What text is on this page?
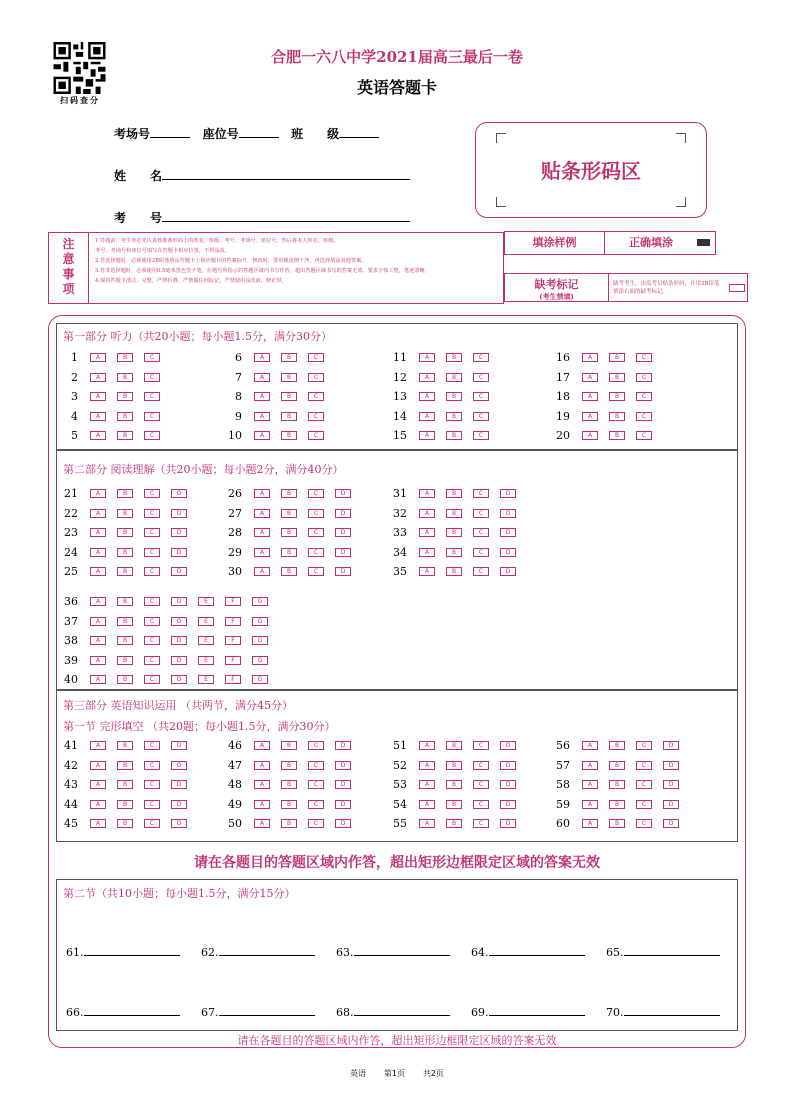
扫码查分
合肥一六八中学2021届高三最后一卷
英语答题卡
考场号	座位号	班　　级
姓　　名
考　　号
贴条形码区
注
意
事
项
1.答题前，考生务必先认真核准条形码上的姓名、班级、考号、考场号、座位号，然后将本人姓名、班级、
考号、考场号和座位号填写在答题卡相应位置，不得涂改。
2.答选择题时，必须使用2B铅笔填涂答题卡上相应题目的答案标号，修改时，要用橡皮擦干净，再选择填涂其他答案。
3.答非选择题时，必须使用0.5毫米黑色签字笔，在题号所指示的答题区域内书写作答，超出答题区域书写的答案无效，要求字体工整，笔迹清晰。
4.保持答题卡清洁、完整，严禁折叠，严禁做任何标记，严禁使用涂改液、修正带。
填涂样例	正确填涂
缺考标记
(考生禁填)
缺考考生，由监考员贴条形码，并用2B铅笔填涂右面的缺考标记。
第一部分 听力（共20小题；每小题1.5分，满分30分）
第二部分 阅读理解（共20小题；每小题2分，满分40分）
第三部分 英语知识运用 （共两节，满分45分）
第一节 完形填空 （共20题；每小题1.5分，满分30分）
1	A	B	C
2	A	B	C
3	A	B	C
4	A	B	C
5	A	B	C
6	A	B	C
7	A	B	C
8	A	B	C
9	A	B	C
10	A	B	C
11	A	B	C
12	A	B	C
13	A	B	C
14	A	B	C
15	A	B	C
16	A	B	C
17	A	B	C
18	A	B	C
19	A	B	C
20	A	B	C
21	A	B	C	D
22	A	B	C	D
23	A	B	C	D
24	A	B	C	D
25	A	B	C	D
26	A	B	C	D
27	A	B	C	D
28	A	B	C	D
29	A	B	C	D
30	A	B	C	D
31	A	B	C	D
32	A	B	C	D
33	A	B	C	D
34	A	B	C	D
35	A	B	C	D
36	A	B	C	D	E	F	G
37	A	B	C	D	E	F	G
38	A	B	C	D	E	F	G
39	A	B	C	D	E	F	G
40	A	B	C	D	E	F	G
41	A	B	C	D
42	A	B	C	D
43	A	B	C	D
44	A	B	C	D
45	A	B	C	D
46	A	B	C	D
47	A	B	C	D
48	A	B	C	D
49	A	B	C	D
50	A	B	C	D
51	A	B	C	D
52	A	B	C	D
53	A	B	C	D
54	A	B	C	D
55	A	B	C	D
56	A	B	C	D
57	A	B	C	D
58	A	B	C	D
59	A	B	C	D
60	A	B	C	D
请在各题目的答题区域内作答，超出矩形边框限定区域的答案无效
第二节（共10小题；每小题1.5分，满分15分）
61.	62.	63.	64.	65.
66.	67.	68.	69.	70.
请在各题目的答题区域内作答，超出矩形边框限定区域的答案无效
英语 第1页 共2页
